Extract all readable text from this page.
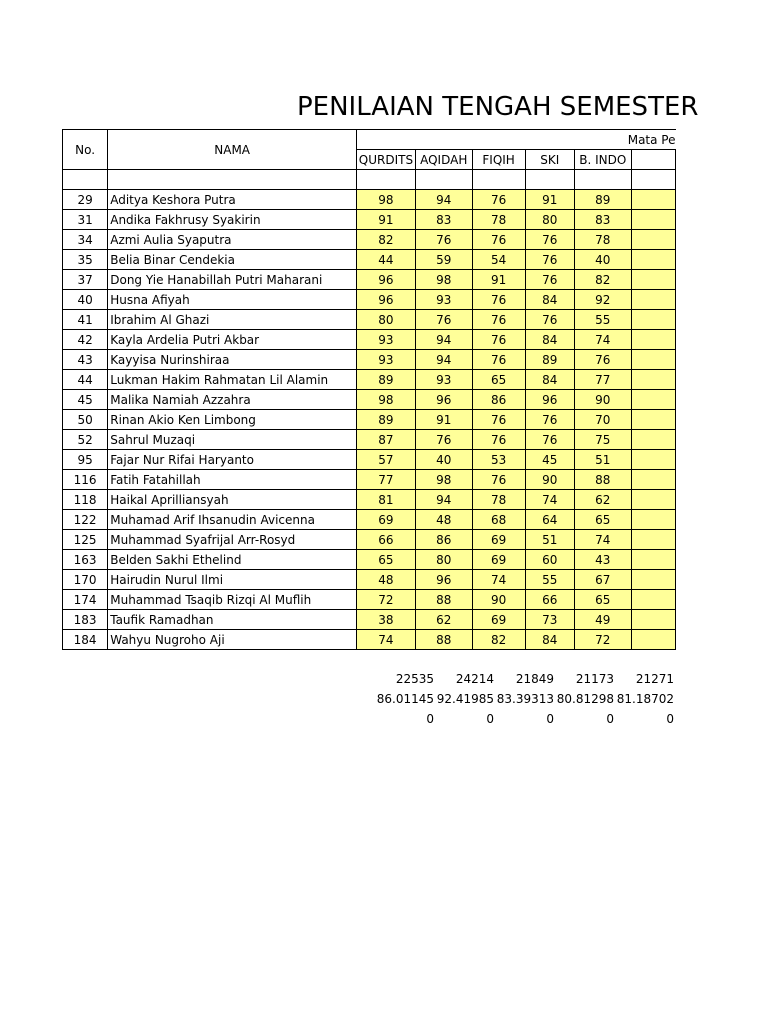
PENILAIAN TENGAH SEMESTER
No.	NAMA	Mata Pe					
		QURDITS	AQIDAH	FIQIH	SKI	B. INDO	

29	Aditya Keshora Putra	98	94	76	91	89	
31	Andika Fakhrusy Syakirin	91	83	78	80	83	
34	Azmi Aulia Syaputra	82	76	76	76	78	
35	Belia Binar Cendekia	44	59	54	76	40	
37	Dong Yie Hanabillah Putri Maharani	96	98	91	76	82	
40	Husna Afiyah	96	93	76	84	92	
41	Ibrahim Al Ghazi	80	76	76	76	55	
42	Kayla Ardelia Putri Akbar	93	94	76	84	74	
43	Kayyisa Nurinshiraa	93	94	76	89	76	
44	Lukman Hakim Rahmatan Lil Alamin	89	93	65	84	77	
45	Malika Namiah Azzahra	98	96	86	96	90	
50	Rinan Akio Ken Limbong	89	91	76	76	70	
52	Sahrul Muzaqi	87	76	76	76	75	
95	Fajar Nur Rifai Haryanto	57	40	53	45	51	
116	Fatih Fatahillah	77	98	76	90	88	
118	Haikal Aprilliansyah	81	94	78	74	62	
122	Muhamad Arif Ihsanudin Avicenna	69	48	68	64	65	
125	Muhammad Syafrijal Arr-Rosyd	66	86	69	51	74	
163	Belden Sakhi Ethelind	65	80	69	60	43	
170	Hairudin Nurul Ilmi	48	96	74	55	67	
174	Muhammad Tsaqib Rizqi Al Muflih	72	88	90	66	65	
183	Taufik Ramadhan	38	62	69	73	49	
184	Wahyu Nugroho Aji	74	88	82	84	72	
22535	24214	21849	21173	21271
86.01145 92.41985 83.39313 80.81298 81.18702
0	0	0	0	0
